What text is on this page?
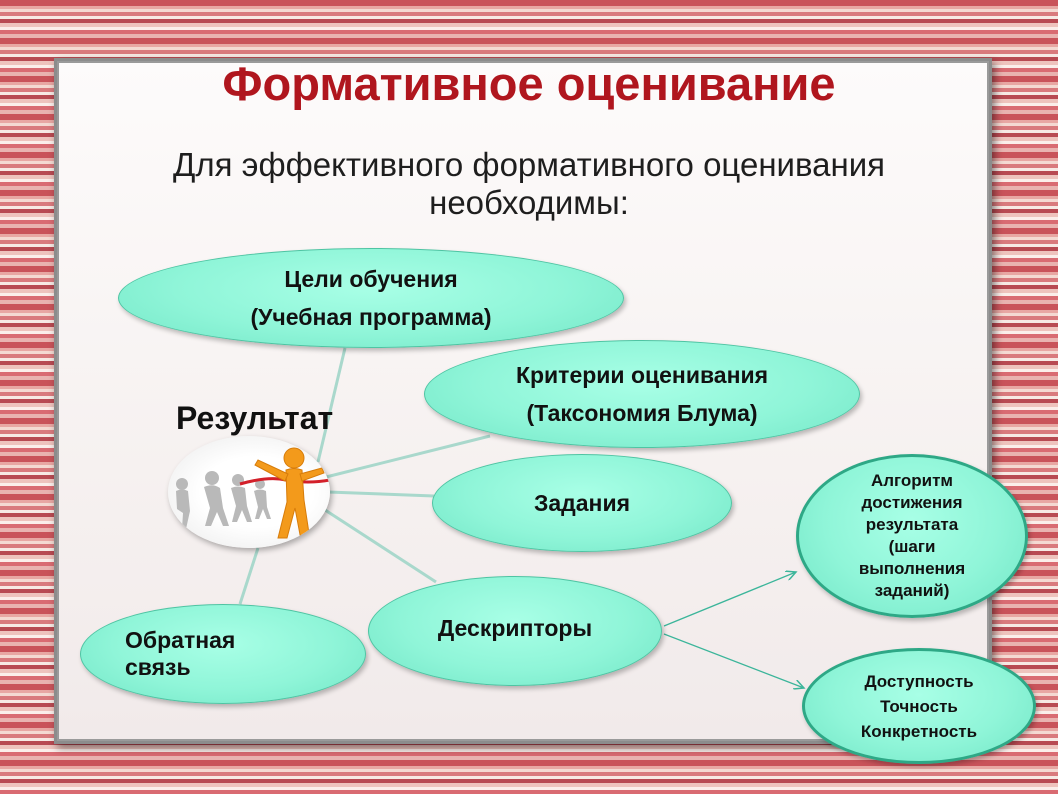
Формативное оценивание
Для эффективного формативного оценивания необходимы:
Цели обучения
(Учебная программа)
Критерии оценивания
(Таксономия Блума)
Задания
Дескрипторы
Обратная
связь
Алгоритм
достижения
результата
(шаги
выполнения
заданий)
Доступность
Точность
Конкретность
Результат
